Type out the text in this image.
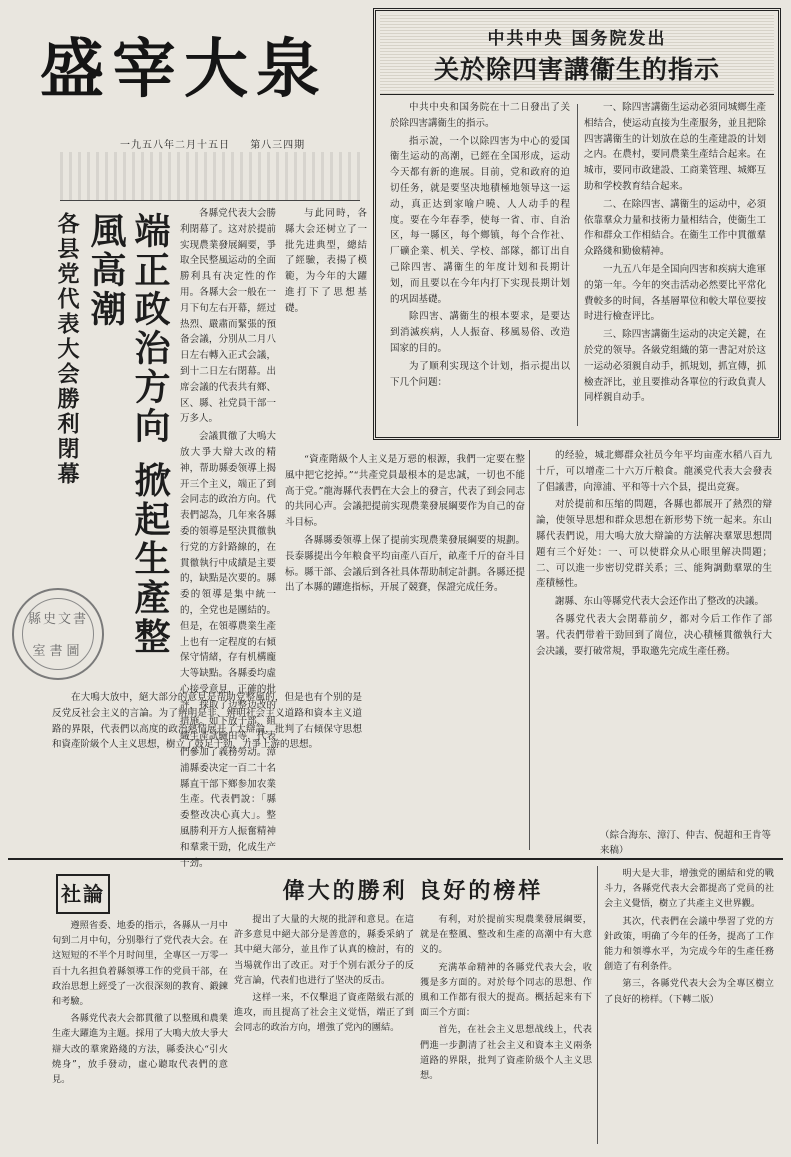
盛宰大泉
一九五八年二月十五日 第八三四期
中共中央 国务院发出
关於除四害講衞生的指示

中共中央和国务院在十二日發出了关於除四害講衞生的指示。

指示說，一个以除四害为中心的爱国衞生运动的高潮，已經在全国形成，运动今天都有新的進展。目前，党和政府的迫切任务，就是要坚决地積極地领导这一运动，真正达到家喻户曉、人人动手的程度。要在今年春季，使每一省、市、自治区，每一縣区，每个鄉镇，每个合作社、厂礦企業、机关、学校、部隊，都订出自己除四害、講衞生的年度计划和長期计划，而且要以在今年内打下实现長期计划的巩固基礎。

除四害、講衞生的根本要求，是要达到消滅疾病，人人振奋、移風易俗、改造国家的目的。

为了顺利实现这个计划，指示提出以下几个问题：

一、除四害講衞生运动必須同城鄉生產相结合，使运动直接为生產服务，並且把除四害講衞生的计划放在总的生產建設的计划之内。在農村，要同農業生產结合起来。在城市，要同市政建設、工商業管理、城鄉互助和学校教育结合起来。

二、在除四害、講衞生的运动中，必須依靠羣众力量和技術力量相结合，使衞生工作和群众工作相結合。在衞生工作中貫徹羣众路綫和勤儉精神。

一九五八年是全国向四害和疾病大進軍的第一年。今年的突击活动必然要比平常化費較多的时间，各基層單位和較大單位要按时进行檢查评比。

三、除四害講衞生运动的决定关鍵，在於党的领导。各級党组織的第一書記对於这一运动必須親自动手，抓規划，抓宣傳，抓檢查評比，並且要推动各單位的行政負責人同样親自动手。

各县党代表大会勝利閉幕	端正政治方向 掀起生產整風高潮
縣史文書
室書圖

各縣党代表大会勝利閉幕了。这对於提前实现農業發展綱要，爭取全民整風运动的全面勝利具有决定性的作用。各縣大会一般在一月下旬左右开幕，經过热烈、嚴肅而緊張的預备会議，分別从二月八日左右轉入正式会議，到十二日左右閉幕。出席会議的代表共有鄉、区、縣、社党員干部一万多人。

会議貫徹了大鳴大放大爭大辯大改的精神，帮助縣委领導上揭开三个主义，端正了到会同志的政治方向。代表們認為，几年來各縣委的領導是堅決貫徹執行党的方針路線的，在貫徹執行中成績是主要的，缺點是次要的。縣委的領導是集中統一的，全党也是團結的。但是，在領導農業生產上也有一定程度的右傾保守情緒，存有机構龐大等缺點。各縣委均虛心接受意見，正確的批評，採取了边整边改的措施。如下放干部、組織生產試驗田等，代表們參加了義務勞动。漳浦縣委决定一百二十名縣直干部下鄉参加农業生產。代表們說：「縣委整改决心真大」。整風勝利开方人振奮精神和羣衆干勁，化成生产干劲。

与此同時，各縣大会还树立了一批先进典型，總結了經驗，表揚了模範，为今年的大躍進打下了思想基礎。

在大鳴大放中，絕大部分的意見是帮助党整風的，但是也有个别的是反党反社会主义的言論。为了辨明是非、辨明社会主义道路和資本主义道路的界限，代表們以高度的政治熱情展开了大辯論，批判了右傾保守思想和資產阶級个人主义思想，樹立了鼓足干勁、力爭上游的思想。

“資產階級个人主义是万惡的根源，我們一定要在整風中把它挖掉。”“共產党員最根本的是忠誠，一切也不能高于党。”龍海縣代表們在大会上的發言，代表了到会同志的共同心声。会議把提前实现農業發展綱要作为自己的奋斗目标。

各縣縣委领導上保了提前实现農業發展綱要的規劃。長泰縣提出今年粮食平均亩產八百斤，畝產千斤的奋斗目标。縣干部、会議后到各社具体帮助制定計劃。各縣还提出了本縣的躍進指标，开展了競賽，保證完成任务。

的经验，城北鄉群众社员今年平均亩產水稻八百九十斤，可以增產二十六万斤粮食。龍溪党代表大会發表了倡議書，向漳浦、平和等十六个县，提出竞赛。

对於提前和压缩的問題，各縣也都展开了熱烈的辯論，使领导思想和群众思想在新形势下统一起来。东山縣代表們说，用大鳴大放大辯論的方法解决羣眾思想問題有三个好处：一、可以使群众从心眼里解决問題；二、可以進一步密切党群关系；三、能夠調動羣眾的生產積極性。

謝縣、东山等縣党代表大会还作出了整改的决議。

各縣党代表大会閉幕前夕，都对今后工作作了部署。代表們带着干勁回到了崗位，决心積極貫徹執行大会决議，要打破常規，爭取邀先完成生產任務。

（綜合海东、漳汀、仲吉、倪超和王肯等来稿）
社論	偉大的勝利 良好的榜样

遵照省委、地委的指示，各縣从一月中旬到二月中旬，分别舉行了党代表大会。在这短短的不半个月时间里，全專区一万零一百十九名担負着縣領導工作的党員干部，在政治思想上經受了一次很深刻的教育、鍛鍊和考驗。

各縣党代表大会都貫徹了以整風和農業生產大躍進为主題。採用了大鳴大放大爭大辯大改的羣衆路綫的方法，縣委決心“引火燒身”，放手發动，虛心聽取代表們的意見。

提出了大量的大规的批評和意見。在這許多意見中絕大部分是善意的，縣委采納了其中絕大部分，並且作了认真的檢討，有的当場就作出了改正。对于个别右派分子的反党言論，代表们也进行了坚决的反击。

这样一来，不仅擊退了資產階級右派的進攻，而且提高了社会主义觉悟，端正了到会同志的政治方向，增強了党內的團結。

有利，对於提前实現農業發展綱要，就是在整風、整改和生產的高潮中有大意义的。

充满革命精神的各縣党代表大会，收獲是多方面的。对於每个同志的思想、作風和工作都有很大的提高。概括起来有下面三个方面：

首先，在社会主义思想战线上，代表們進一步劃清了社会主义和資本主义兩条道路的界限，批判了資產阶級个人主义思想。

明大是大非，增強党的團結和党的戰斗力，各縣党代表大会都提高了党員的社会主义覺悟，樹立了共產主义世界觀。

其次，代表們在会議中學習了党的方針政策，明确了今年的任务，提高了工作能力和領導水平，为完成今年的生產任務創造了有利条件。

第三，各縣党代表大会为全專区樹立了良好的榜样。（下轉二版）
